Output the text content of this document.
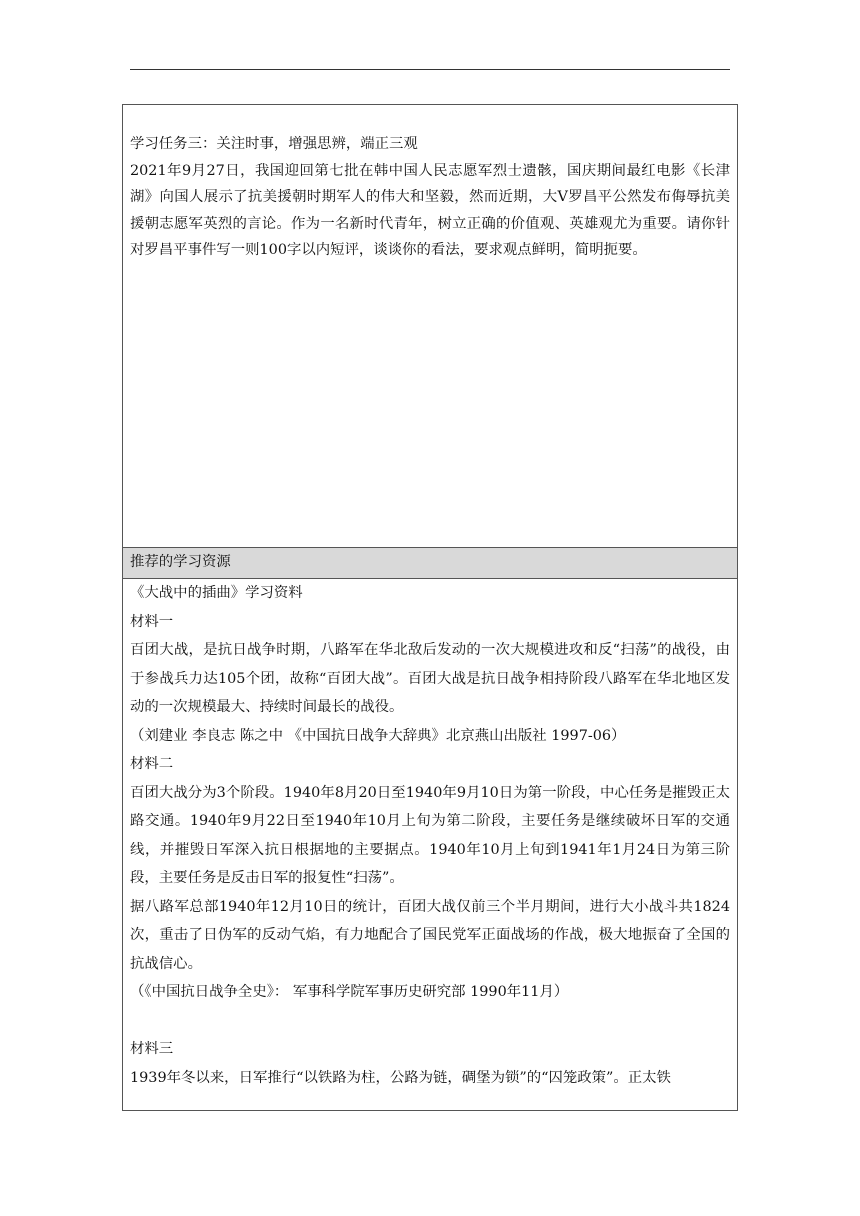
学习任务三：关注时事，增强思辨，端正三观

2021年9月27日，我国迎回第七批在韩中国人民志愿军烈士遗骸，国庆期间最红电影《长津湖》向国人展示了抗美援朝时期军人的伟大和坚毅，然而近期，大V罗昌平公然发布侮辱抗美援朝志愿军英烈的言论。作为一名新时代青年，树立正确的价值观、英雄观尤为重要。请你针对罗昌平事件写一则100字以内短评，谈谈你的看法，要求观点鲜明，简明扼要。

推荐的学习资源

《大战中的插曲》学习资料

材料一

百团大战，是抗日战争时期，八路军在华北敌后发动的一次大规模进攻和反“扫荡”的战役，由于参战兵力达105个团，故称“百团大战”。百团大战是抗日战争相持阶段八路军在华北地区发动的一次规模最大、持续时间最长的战役。

（刘建业 李良志 陈之中 《中国抗日战争大辞典》北京燕山出版社 1997-06）

材料二

百团大战分为3个阶段。1940年8月20日至1940年9月10日为第一阶段，中心任务是摧毁正太路交通。1940年9月22日至1940年10月上旬为第二阶段，主要任务是继续破坏日军的交通线，并摧毁日军深入抗日根据地的主要据点。1940年10月上旬到1941年1月24日为第三阶段，主要任务是反击日军的报复性“扫荡”。

据八路军总部1940年12月10日的统计，百团大战仅前三个半月期间，进行大小战斗共1824次，重击了日伪军的反动气焰，有力地配合了国民党军正面战场的作战，极大地振奋了全国的抗战信心。

（《中国抗日战争全史》： 军事科学院军事历史研究部 1990年11月）

材料三

1939年冬以来，日军推行“以铁路为柱，公路为链，碉堡为锁”的“囚笼政策”。正太铁
